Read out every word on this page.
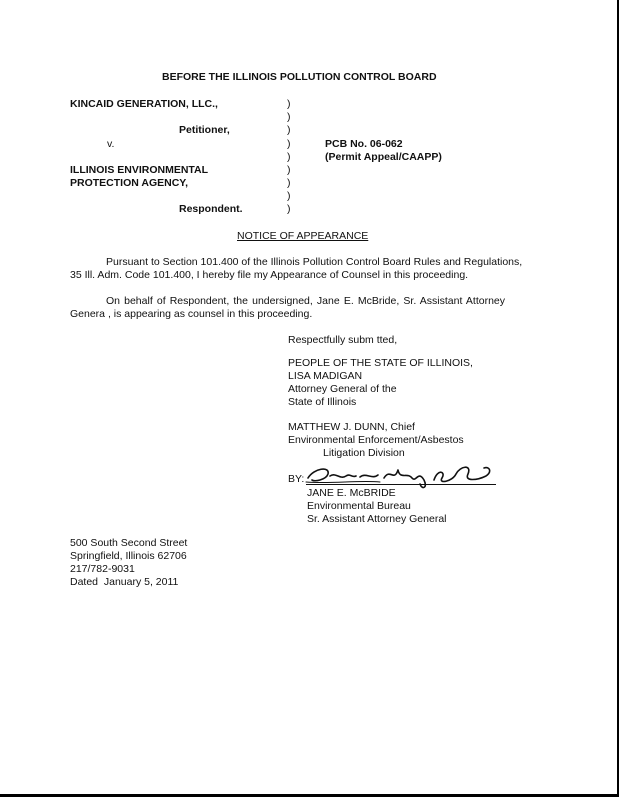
BEFORE THE ILLINOIS POLLUTION CONTROL BOARD
KINCAID GENERATION, LLC.,
Petitioner,
v.
ILLINOIS ENVIRONMENTAL
PROTECTION AGENCY,
Respondent.
)
)
)
)
)
)
)
)
)
PCB No. 06-062
(Permit Appeal/CAAPP)
NOTICE OF APPEARANCE
Pursuant to Section 101.400 of the Illinois Pollution Control Board Rules and Regulations,
35 Ill. Adm. Code 101.400, I hereby file my Appearance of Counsel in this proceeding.
On behalf of Respondent, the undersigned, Jane E. McBride, Sr. Assistant Attorney
Genera , is appearing as counsel in this proceeding.
Respectfully subm tted,
PEOPLE OF THE STATE OF ILLINOIS,
LISA MADIGAN
Attorney General of the
State of Illinois
MATTHEW J. DUNN, Chief
Environmental Enforcement/Asbestos
Litigation Division
BY:
JANE E. McBRIDE
Environmental Bureau
Sr. Assistant Attorney General
500 South Second Street
Springfield, Illinois 62706
217/782-9031
Dated  January 5, 2011
